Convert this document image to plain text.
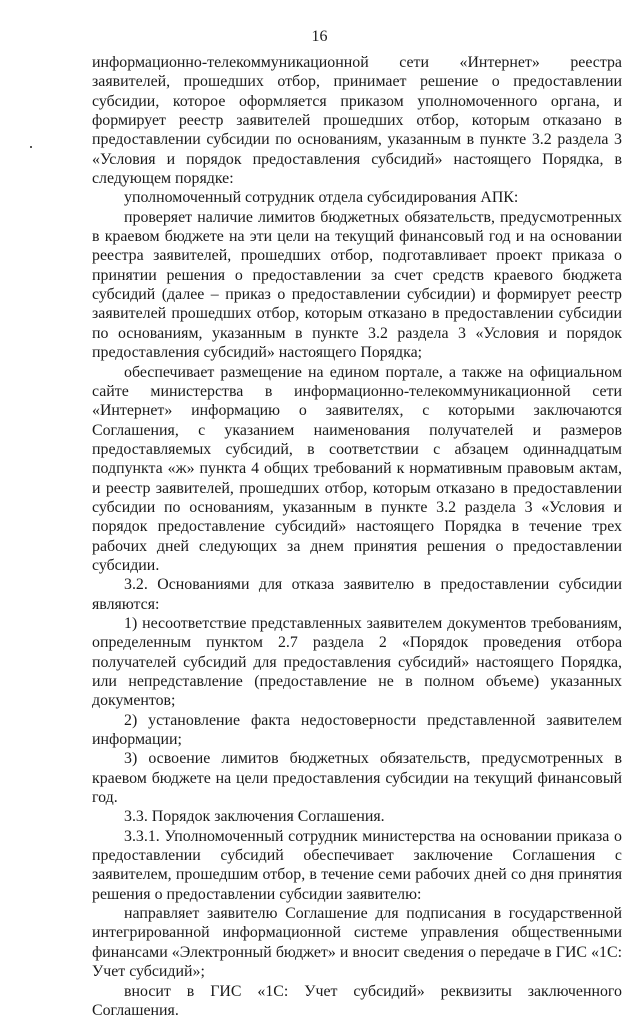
16

информационно-телекоммуникационной сети «Интернет» реестра заявителей, прошедших отбор, принимает решение о предоставлении субсидии, которое оформляется приказом уполномоченного органа, и формирует реестр заявителей прошедших отбор, которым отказано в предоставлении субсидии по основаниям, указанным в пункте 3.2 раздела 3 «Условия и порядок предоставления субсидий» настоящего Порядка, в следующем порядке:

уполномоченный сотрудник отдела субсидирования АПК:

проверяет наличие лимитов бюджетных обязательств, предусмотренных в краевом бюджете на эти цели на текущий финансовый год и на основании реестра заявителей, прошедших отбор, подготавливает проект приказа о принятии решения о предоставлении за счет средств краевого бюджета субсидий (далее – приказ о предоставлении субсидии) и формирует реестр заявителей прошедших отбор, которым отказано в предоставлении субсидии по основаниям, указанным в пункте 3.2 раздела 3 «Условия и порядок предоставления субсидий» настоящего Порядка;

обеспечивает размещение на едином портале, а также на официальном сайте министерства в информационно-телекоммуникационной сети «Интернет» информацию о заявителях, с которыми заключаются Соглашения, с указанием наименования получателей и размеров предоставляемых субсидий, в соответствии с абзацем одиннадцатым подпункта «ж» пункта 4 общих требований к нормативным правовым актам, и реестр заявителей, прошедших отбор, которым отказано в предоставлении субсидии по основаниям, указанным в пункте 3.2 раздела 3 «Условия и порядок предоставление субсидий» настоящего Порядка в течение трех рабочих дней следующих за днем принятия решения о предоставлении субсидии.

3.2. Основаниями для отказа заявителю в предоставлении субсидии являются:

1) несоответствие представленных заявителем документов требованиям, определенным пунктом 2.7 раздела 2 «Порядок проведения отбора получателей субсидий для предоставления субсидий» настоящего Порядка, или непредставление (предоставление не в полном объеме) указанных документов;

2) установление факта недостоверности представленной заявителем информации;

3) освоение лимитов бюджетных обязательств, предусмотренных в краевом бюджете на цели предоставления субсидии на текущий финансовый год.

3.3. Порядок заключения Соглашения.

3.3.1. Уполномоченный сотрудник министерства на основании приказа о предоставлении субсидий обеспечивает заключение Соглашения с заявителем, прошедшим отбор, в течение семи рабочих дней со дня принятия решения о предоставлении субсидии заявителю:

направляет заявителю Соглашение для подписания в государственной интегрированной информационной системе управления общественными финансами «Электронный бюджет» и вносит сведения о передаче в ГИС «1С: Учет субсидий»;

вносит в ГИС «1С: Учет субсидий» реквизиты заключенного Соглашения.
